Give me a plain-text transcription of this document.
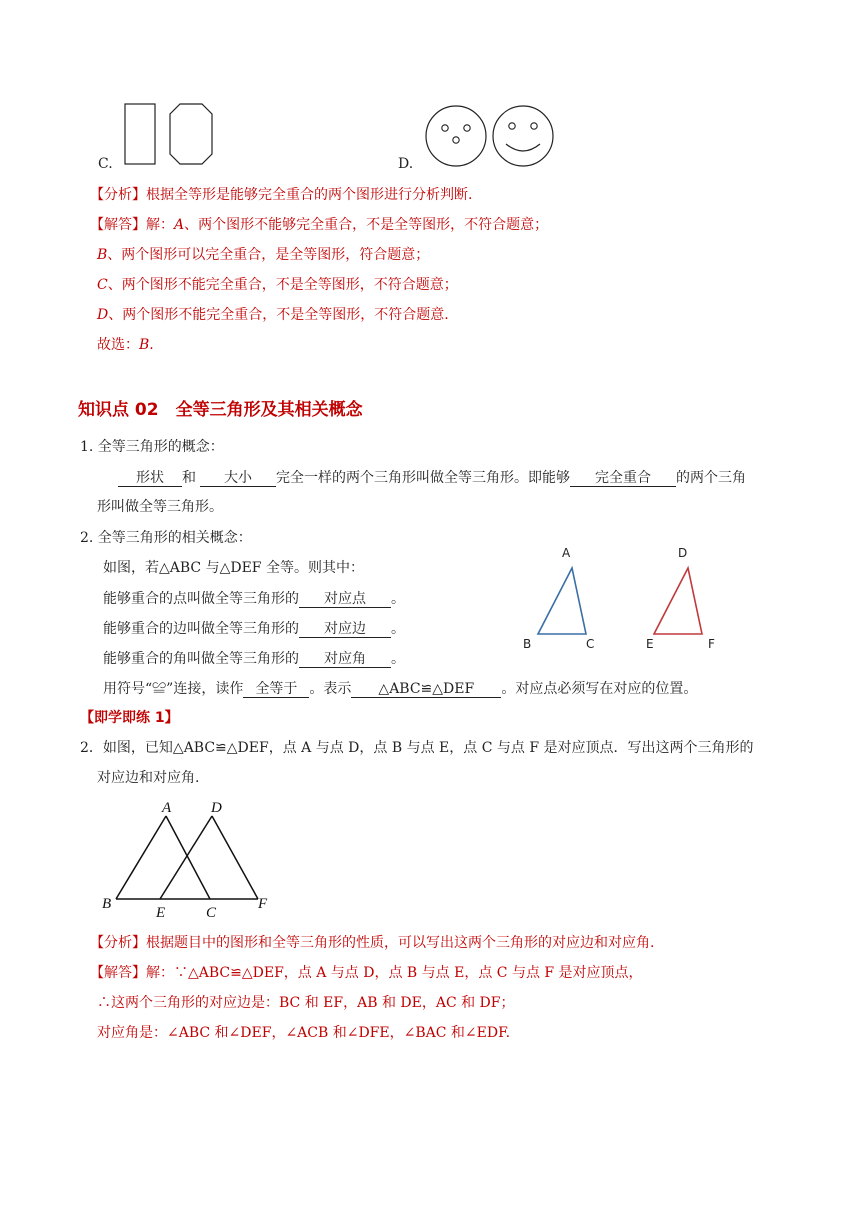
C.	D.
【分析】根据全等形是能够完全重合的两个图形进行分析判断.
【解答】解：A、两个图形不能够完全重合，不是全等图形，不符合题意；
B、两个图形可以完全重合，是全等图形，符合题意；
C、两个图形不能完全重合，不是全等图形，不符合题意；
D、两个图形不能完全重合，不是全等图形，不符合题意.
故选：B.
知识点 02　全等三角形及其相关概念
1. 全等三角形的概念：
形状 和 大小 完全一样的两个三角形叫做全等三角形。即能够 完全重合 的两个三角
形叫做全等三角形。
2. 全等三角形的相关概念：
如图，若△ABC 与△DEF 全等。则其中：
能够重合的点叫做全等三角形的 对应点 。
能够重合的边叫做全等三角形的 对应边 。
能够重合的角叫做全等三角形的 对应角 。
用符号“≌”连接，读作 全等于 。表示 △ABC≌△DEF 。对应点必须写在对应的位置。
A
B	C
D
E	F
【即学即练 1】
2．如图，已知△ABC≌△DEF，点 A 与点 D，点 B 与点 E，点 C 与点 F 是对应顶点．写出这两个三角形的
对应边和对应角.
A	D
B
E	C
F
【分析】根据题目中的图形和全等三角形的性质，可以写出这两个三角形的对应边和对应角.
【解答】解：∵△ABC≌△DEF，点 A 与点 D，点 B 与点 E，点 C 与点 F 是对应顶点，
∴这两个三角形的对应边是：BC 和 EF，AB 和 DE，AC 和 DF；
对应角是：∠ABC 和∠DEF，∠ACB 和∠DFE，∠BAC 和∠EDF.
